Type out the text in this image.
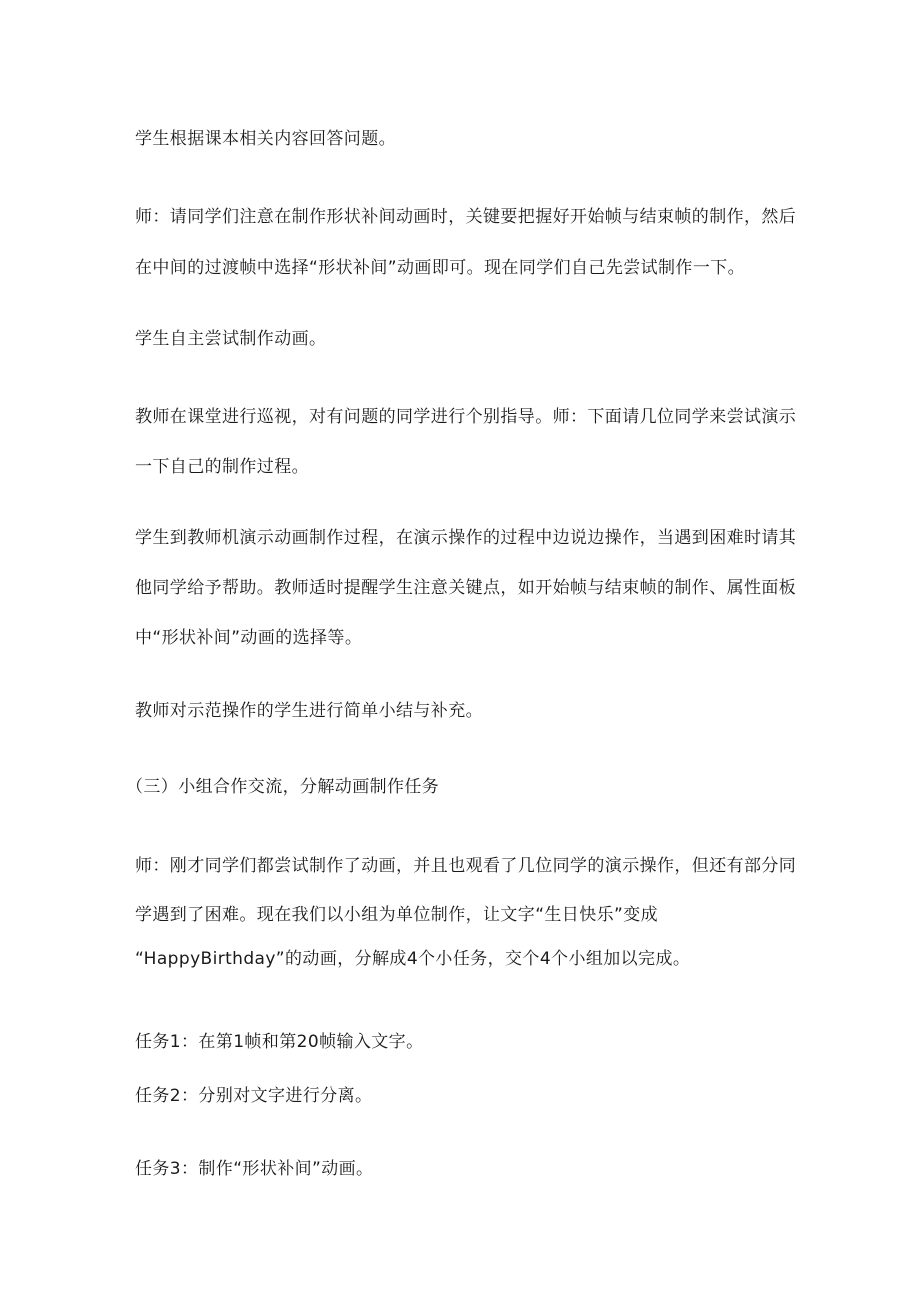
学生根据课本相关内容回答问题。
师：请同学们注意在制作形状补间动画时，关键要把握好开始帧与结束帧的制作，然后
在中间的过渡帧中选择“形状补间”动画即可。现在同学们自己先尝试制作一下。
学生自主尝试制作动画。
教师在课堂进行巡视，对有问题的同学进行个别指导。师：下面请几位同学来尝试演示
一下自己的制作过程。
学生到教师机演示动画制作过程，在演示操作的过程中边说边操作，当遇到困难时请其
他同学给予帮助。教师适时提醒学生注意关键点，如开始帧与结束帧的制作、属性面板
中“形状补间”动画的选择等。
教师对示范操作的学生进行简单小结与补充。
（三）小组合作交流，分解动画制作任务
师：刚才同学们都尝试制作了动画，并且也观看了几位同学的演示操作，但还有部分同
学遇到了困难。现在我们以小组为单位制作，让文字“生日快乐”变成
“HappyBirthday”的动画，分解成4个小任务，交个4个小组加以完成。
任务1：在第1帧和第20帧输入文字。
任务2：分别对文字进行分离。
任务3：制作“形状补间”动画。
